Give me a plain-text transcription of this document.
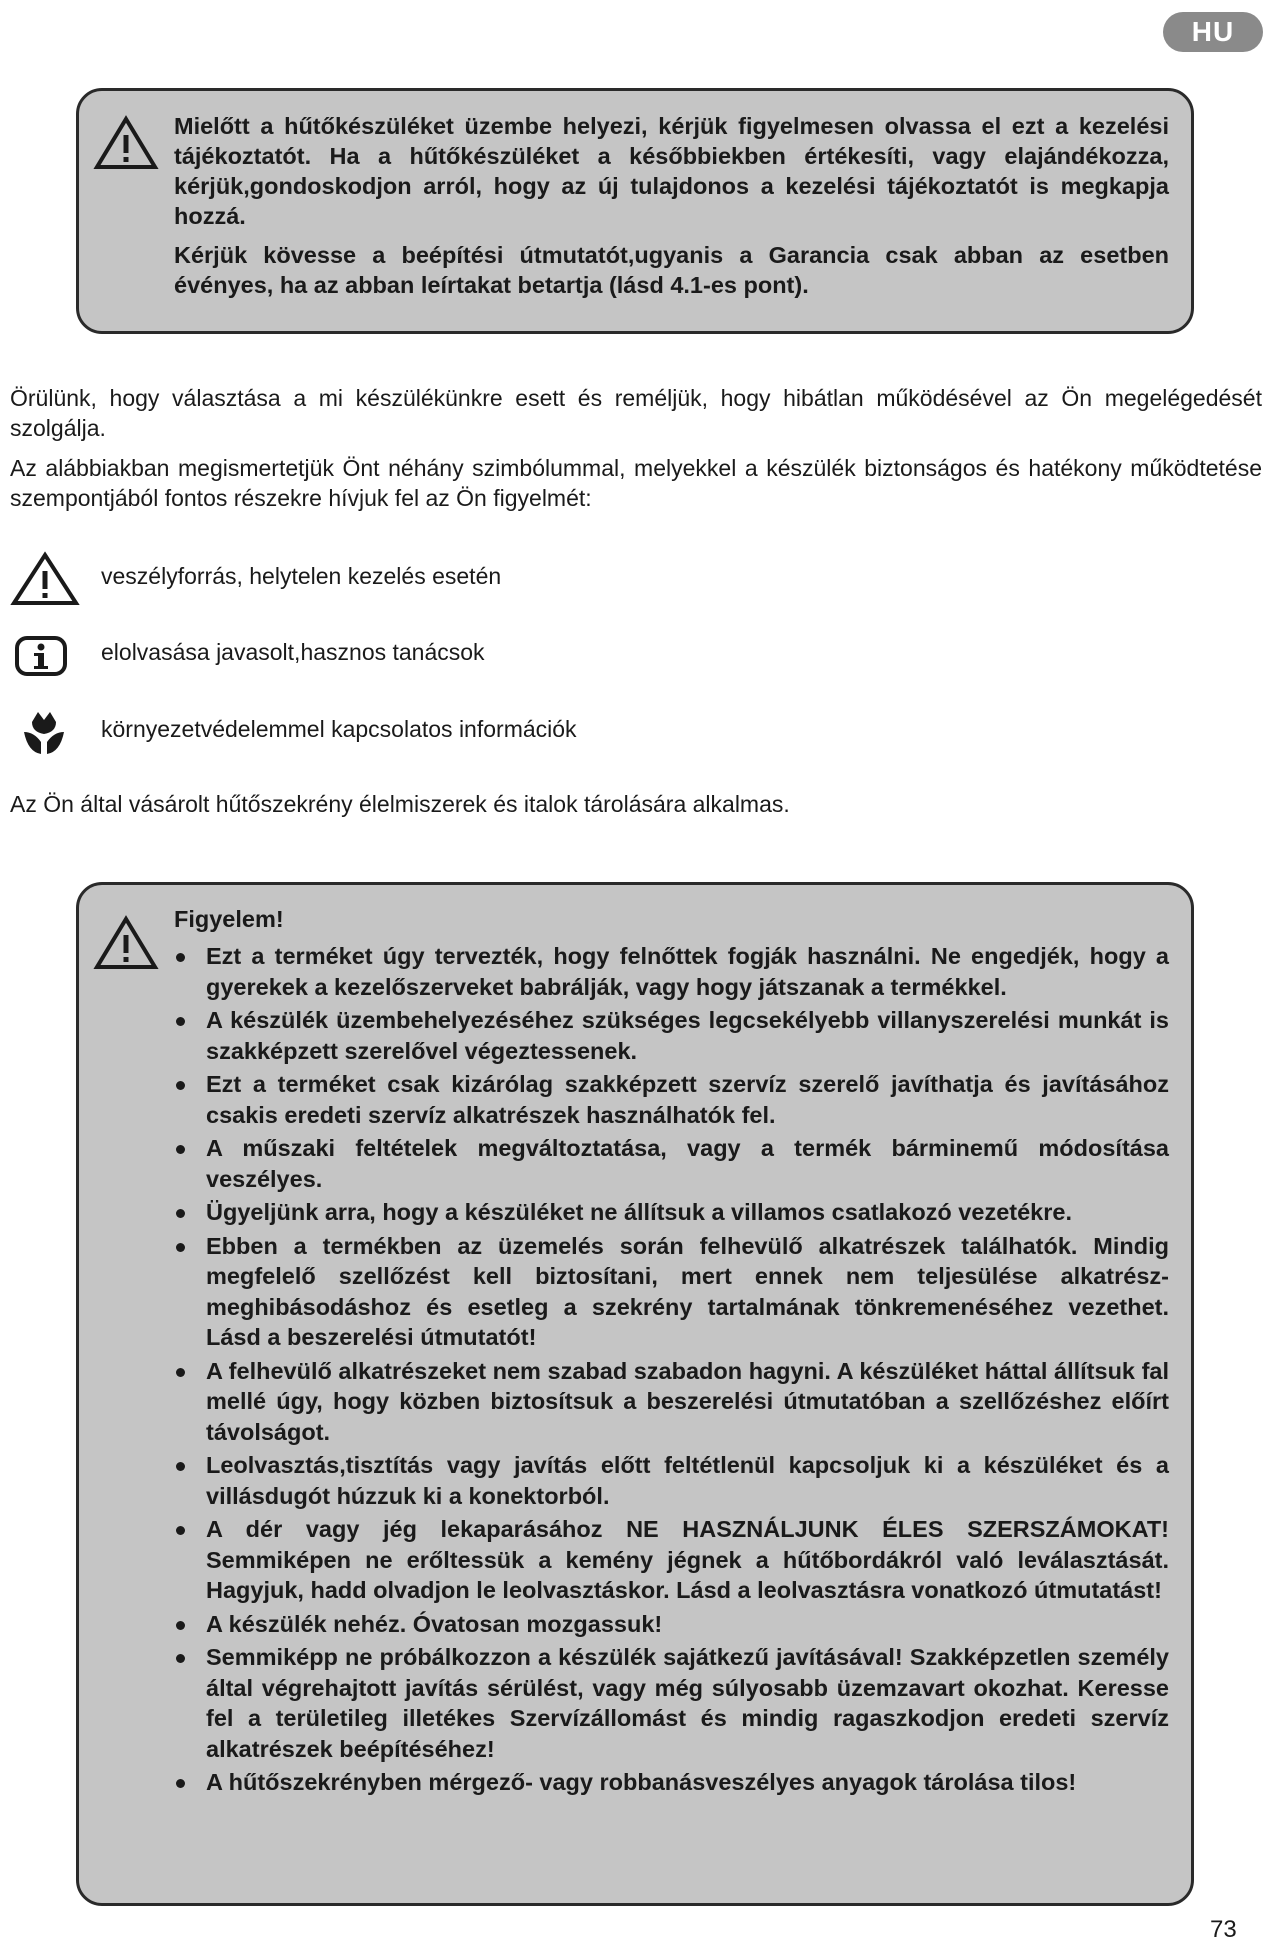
HU

Mielőtt a hűtőkészüléket üzembe helyezi, kérjük figyelmesen olvassa el ezt a kezelési tájékoztatót. Ha a hűtőkészüléket a későbbiekben értékesíti, vagy elajándékozza, kérjük,gondoskodjon arról, hogy az új tulajdonos a kezelési tájékoztatót is megkapja hozzá.

Kérjük kövesse a beépítési útmutatót,ugyanis a Garancia csak abban az esetben évényes, ha az abban leírtakat betartja (lásd 4.1-es pont).

Örülünk, hogy választása a mi készülékünkre esett és reméljük, hogy hibátlan működésével az Ön megelégedését szolgálja.

Az alábbiakban megismertetjük Önt néhány szimbólummal, melyekkel a készülék biztonságos és hatékony működtetése szempontjából fontos részekre hívjuk fel az Ön figyelmét:

veszélyforrás, helytelen kezelés esetén
elolvasása javasolt,hasznos tanácsok
környezetvédelemmel kapcsolatos információk

Az Ön által vásárolt hűtőszekrény élelmiszerek és italok tárolására alkalmas.

Figyelem!
Ezt a terméket úgy tervezték, hogy felnőttek fogják használni. Ne engedjék, hogy a gyerekek a kezelőszerveket babrálják, vagy hogy játszanak a termékkel.
A készülék üzembehelyezéséhez szükséges legcsekélyebb villanyszerelési munkát is szakképzett szerelővel végeztessenek.
Ezt a terméket csak kizárólag szakképzett szervíz szerelő javíthatja és javításához csakis eredeti szervíz alkatrészek használhatók fel.
A műszaki feltételek megváltoztatása, vagy a termék bárminemű módosítása veszélyes.
Ügyeljünk arra, hogy a készüléket ne állítsuk a villamos csatlakozó vezetékre.
Ebben a termékben az üzemelés során felhevülő alkatrészek találhatók. Mindig megfelelő szellőzést kell biztosítani, mert ennek nem teljesülése alkatrész-meghibásodáshoz és esetleg a szekrény tartalmának tönkremenéséhez vezethet. Lásd a beszerelési útmutatót!
A felhevülő alkatrészeket nem szabad szabadon hagyni. A készüléket háttal állítsuk fal mellé úgy, hogy közben biztosítsuk a beszerelési útmutatóban a szellőzéshez előírt távolságot.
Leolvasztás,tisztítás vagy javítás előtt feltétlenül kapcsoljuk ki a készüléket és a villásdugót húzzuk ki a konektorból.
A dér vagy jég lekaparásához NE HASZNÁLJUNK ÉLES SZERSZÁMOKAT! Semmiképen ne erőltessük a kemény jégnek a hűtőbordákról való leválasztását. Hagyjuk, hadd olvadjon le leolvasztáskor. Lásd a leolvasztásra vonatkozó útmutatást!
A készülék nehéz. Óvatosan mozgassuk!
Semmiképp ne próbálkozzon a készülék sajátkezű javításával! Szakképzetlen személy által végrehajtott javítás sérülést, vagy még súlyosabb üzemzavart okozhat. Keresse fel a területileg illetékes Szervízállomást és mindig ragaszkodjon eredeti szervíz alkatrészek beépítéséhez!
A hűtőszekrényben mérgező- vagy robbanásveszélyes anyagok tárolása tilos!
73
